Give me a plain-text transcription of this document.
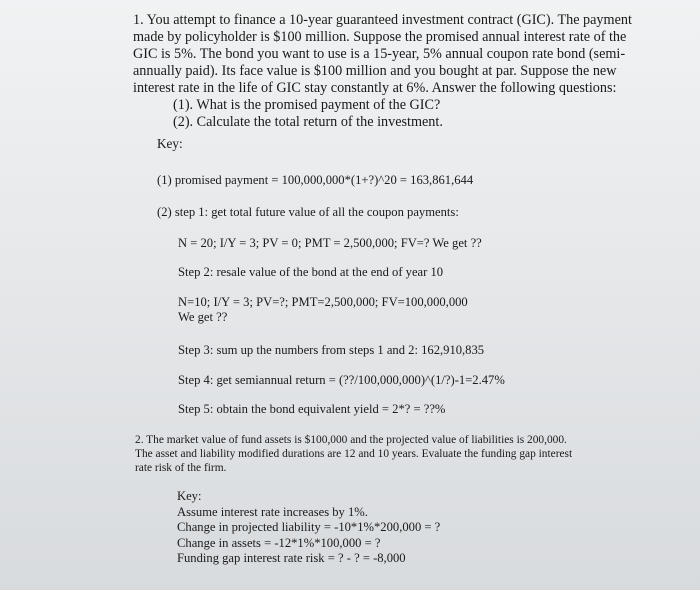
1. You attempt to finance a 10-year guaranteed investment contract (GIC). The payment
made by policyholder is $100 million. Suppose the promised annual interest rate of the
GIC is 5%. The bond you want to use is a 15-year, 5% annual coupon rate bond (semi-
annually paid). Its face value is $100 million and you bought at par. Suppose the new
interest rate in the life of GIC stay constantly at 6%. Answer the following questions:
(1). What is the promised payment of the GIC?
(2). Calculate the total return of the investment.
Key:
(1) promised payment = 100,000,000*(1+?)^20 = 163,861,644
(2) step 1: get total future value of all the coupon payments:
N = 20; I/Y = 3; PV = 0; PMT = 2,500,000; FV=? We get ??
Step 2: resale value of the bond at the end of year 10
N=10; I/Y = 3; PV=?; PMT=2,500,000; FV=100,000,000
We get ??
Step 3: sum up the numbers from steps 1 and 2: 162,910,835
Step 4: get semiannual return = (??/100,000,000)^(1/?)-1=2.47%
Step 5: obtain the bond equivalent yield = 2*? = ??%
2. The market value of fund assets is $100,000 and the projected value of liabilities is 200,000.
The asset and liability modified durations are 12 and 10 years. Evaluate the funding gap interest
rate risk of the firm.
Key:
Assume interest rate increases by 1%.
Change in projected liability = -10*1%*200,000 = ?
Change in assets = -12*1%*100,000 = ?
Funding gap interest rate risk = ? - ? = -8,000
